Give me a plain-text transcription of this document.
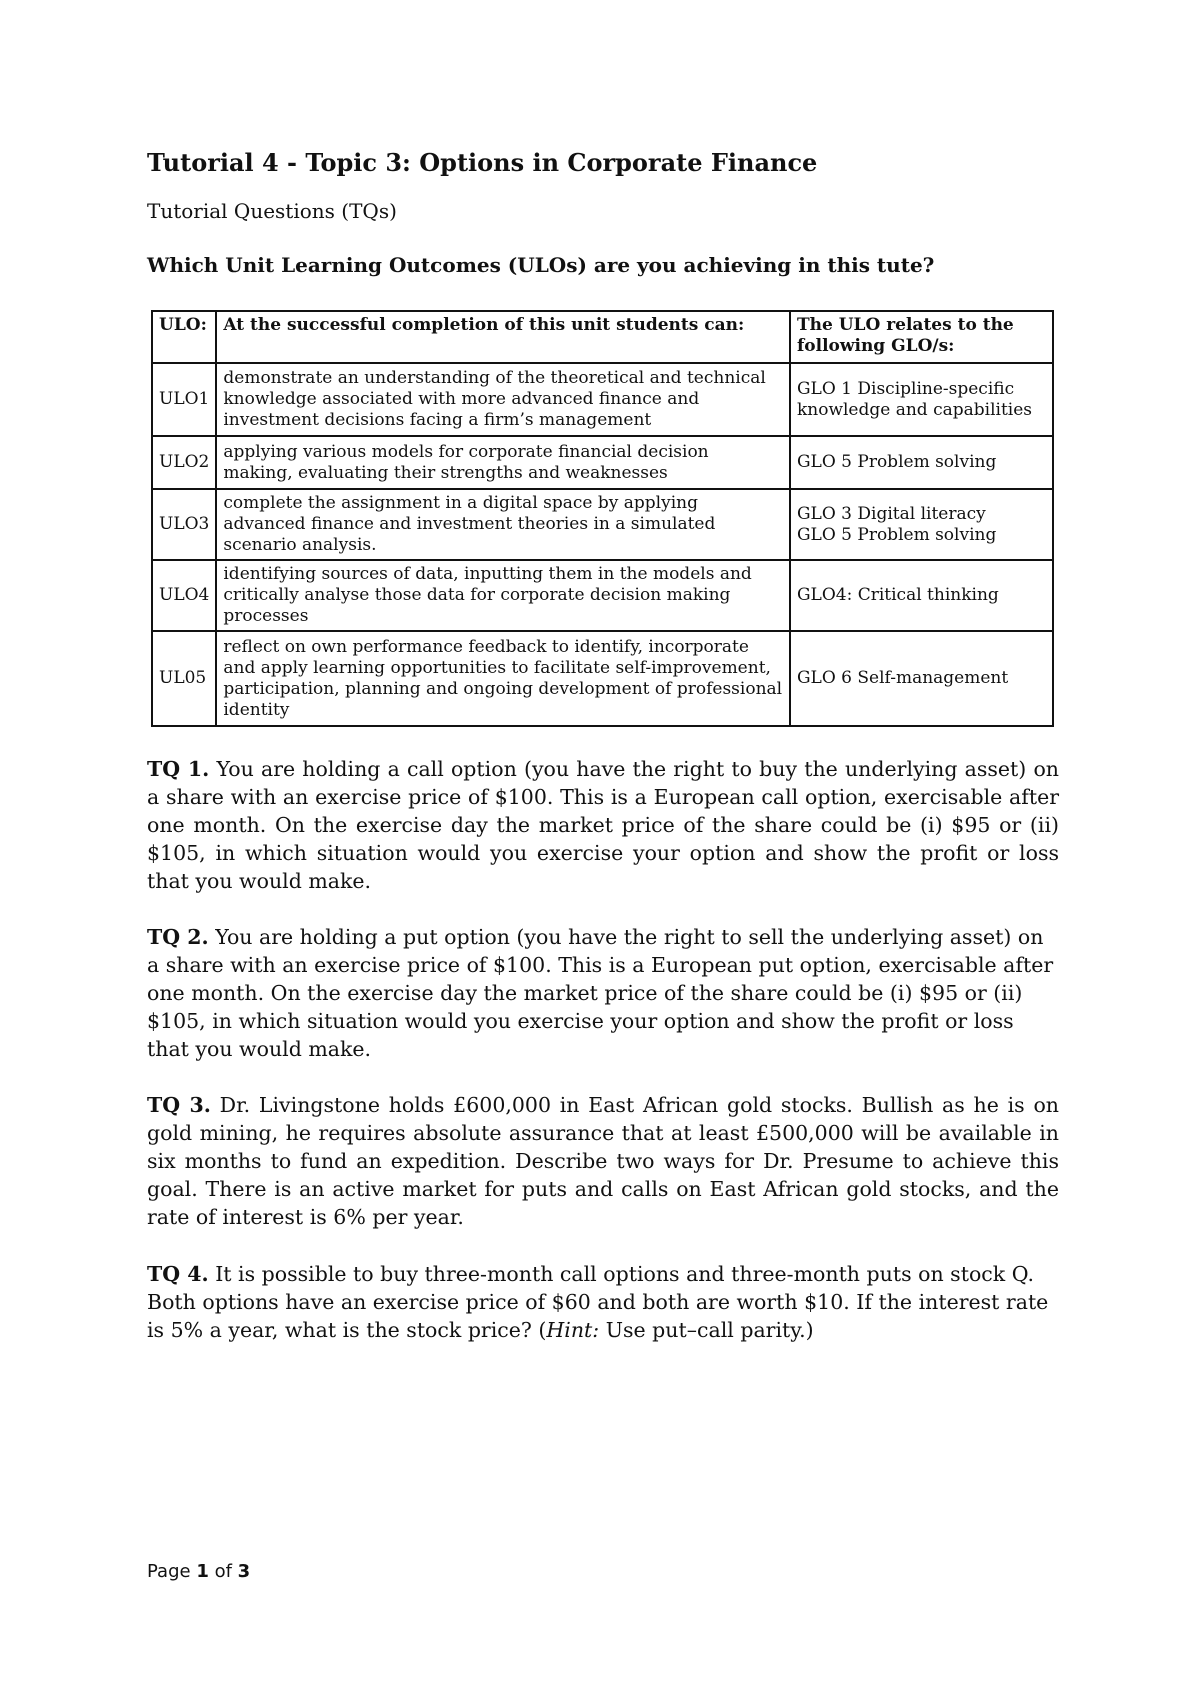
Tutorial 4 - Topic 3: Options in Corporate Finance
Tutorial Questions (TQs)
Which Unit Learning Outcomes (ULOs) are you achieving in this tute?
ULO:	At the successful completion of this unit students can:	The ULO relates to the following GLO/s:
ULO1	demonstrate an understanding of the theoretical and technical knowledge associated with more advanced finance and investment decisions facing a firm’s management	GLO 1 Discipline-specific knowledge and capabilities

ULO2	applying various models for corporate financial decision making, evaluating their strengths and weaknesses	GLO 5 Problem solving

ULO3	complete the assignment in a digital space by applying advanced finance and investment theories in a simulated scenario analysis.	GLO 3 Digital literacy
GLO 5 Problem solving

ULO4	identifying sources of data, inputting them in the models and critically analyse those data for corporate decision making processes	GLO4: Critical thinking

UL05	reflect on own performance feedback to identify, incorporate and apply learning opportunities to facilitate self-improvement, participation, planning and ongoing development of professional identity	GLO 6 Self-management
TQ 1. You are holding a call option (you have the right to buy the underlying asset) on a share with an exercise price of $100. This is a European call option, exercisable after one month. On the exercise day the market price of the share could be (i) $95 or (ii) $105, in which situation would you exercise your option and show the profit or loss that you would make.
TQ 2. You are holding a put option (you have the right to sell the underlying asset) on a share with an exercise price of $100. This is a European put option, exercisable after one month. On the exercise day the market price of the share could be (i) $95 or (ii) $105, in which situation would you exercise your option and show the profit or loss that you would make.
TQ 3. Dr. Livingstone holds £600,000 in East African gold stocks. Bullish as he is on gold mining, he requires absolute assurance that at least £500,000 will be available in six months to fund an expedition. Describe two ways for Dr. Presume to achieve this goal. There is an active market for puts and calls on East African gold stocks, and the rate of interest is 6% per year.
TQ 4. It is possible to buy three-month call options and three-month puts on stock Q. Both options have an exercise price of $60 and both are worth $10. If the interest rate is 5% a year, what is the stock price? (Hint: Use put–call parity.)
Page 1 of 3
